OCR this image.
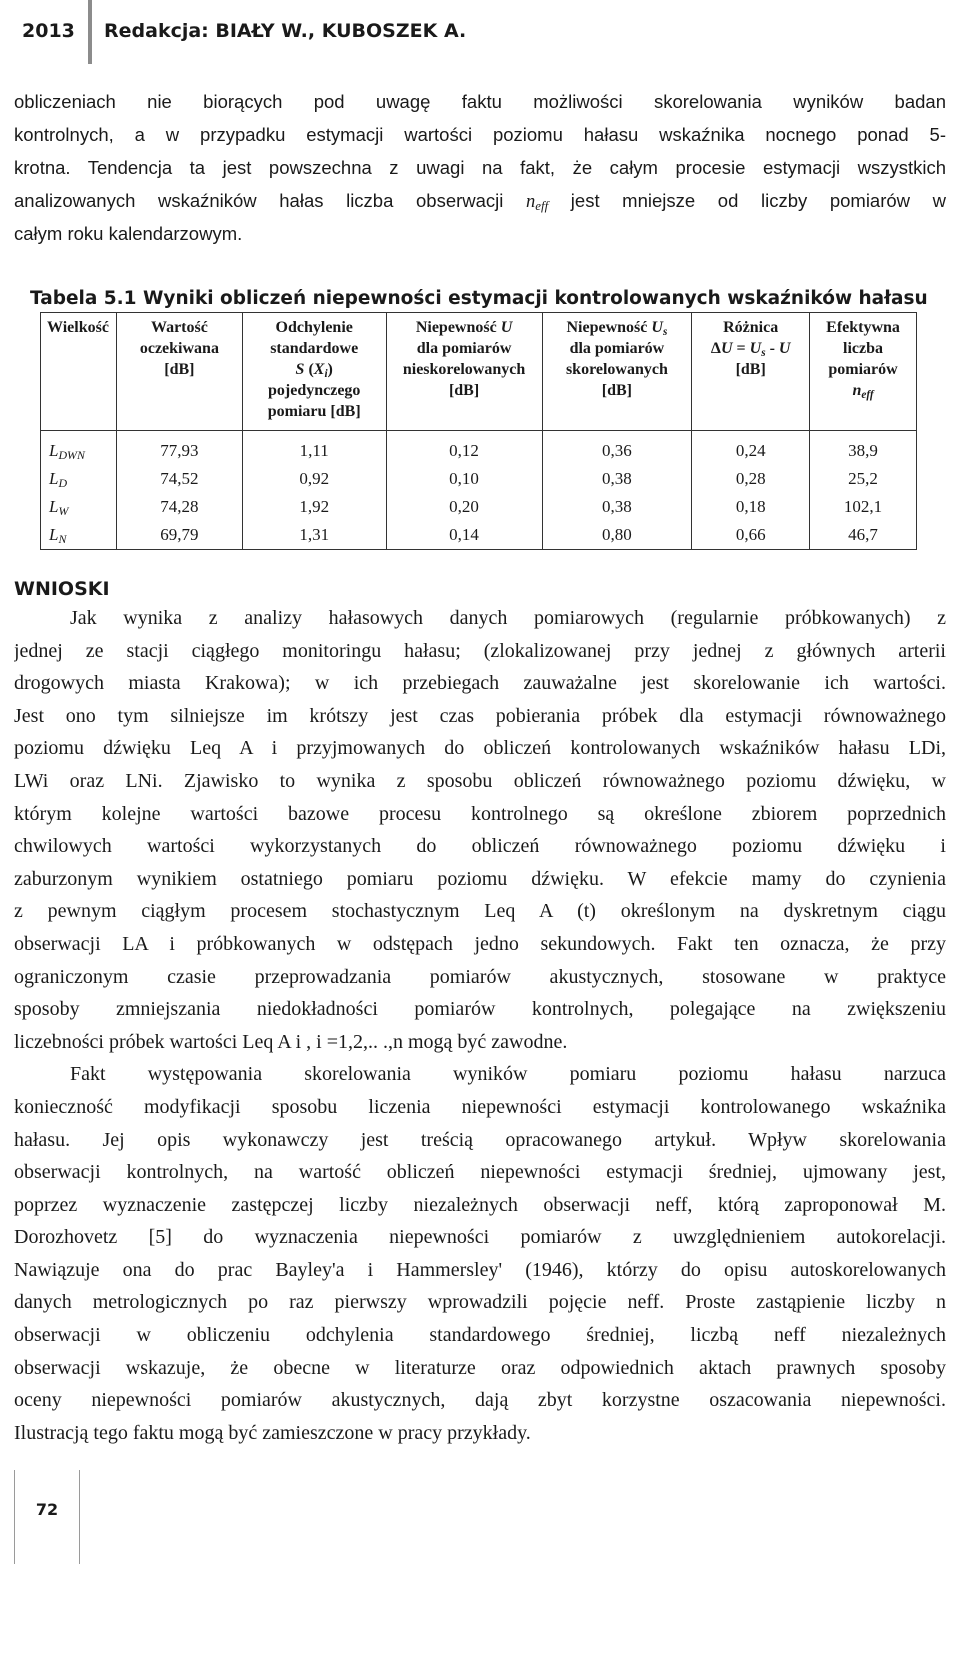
2013 Redakcja: BIAŁY W., KUBOSZEK A.
obliczeniach nie biorących pod uwagę faktu możliwości skorelowania wyników badan
kontrolnych, a w przypadku estymacji wartości poziomu hałasu wskaźnika nocnego ponad 5-
krotna. Tendencja ta jest powszechna z uwagi na fakt, że całym procesie estymacji wszystkich
analizowanych wskaźników hałas liczba obserwacji $n_{eff}$ jest mniejsze od liczby pomiarów w
całym roku kalendarzowym.
Tabela 5.1 Wyniki obliczeń niepewności estymacji kontrolowanych wskaźników hałasu
Wielkość	Wartość
oczekiwana
[dB]	Odchylenie
standardowe
S $(X_i)$
pojedynczego
pomiaru [dB]	Niepewność U
dla pomiarów
nieskorelowanych
[dB]	Niepewność $U_s$
dla pomiarów
skorelowanych
[dB]	Różnica
$\Delta U = U_s - U$
[dB]	Efektywna
liczba
pomiarów
$n_{eff}$
$L_{DWN}$	77,93	1,11	0,12	0,36	0,24	38,9
$L_D$	74,52	0,92	0,10	0,38	0,28	25,2
$L_W$	74,28	1,92	0,20	0,38	0,18	102,1
$L_N$	69,79	1,31	0,14	0,80	0,66	46,7
WNIOSKI
Jak wynika z analizy hałasowych danych pomiarowych (regularnie próbkowanych) z
jednej ze stacji ciągłego monitoringu hałasu; (zlokalizowanej przy jednej z głównych arterii
drogowych miasta Krakowa); w ich przebiegach zauważalne jest skorelowanie ich wartości.
Jest ono tym silniejsze im krótszy jest czas pobierania próbek dla estymacji równoważnego
poziomu dźwięku Leq A i przyjmowanych do obliczeń kontrolowanych wskaźników hałasu LDi,
LWi oraz LNi. Zjawisko to wynika z sposobu obliczeń równoważnego poziomu dźwięku, w
którym kolejne wartości bazowe procesu kontrolnego są określone zbiorem poprzednich
chwilowych wartości wykorzystanych do obliczeń równoważnego poziomu dźwięku i
zaburzonym wynikiem ostatniego pomiaru poziomu dźwięku. W efekcie mamy do czynienia
z pewnym ciągłym procesem stochastycznym Leq A (t) określonym na dyskretnym ciągu
obserwacji LA i próbkowanych w odstępach jedno sekundowych. Fakt ten oznacza, że przy
ograniczonym czasie przeprowadzania pomiarów akustycznych, stosowane w praktyce
sposoby zmniejszania niedokładności pomiarów kontrolnych, polegające na zwiększeniu
liczebności próbek wartości Leq A i , i =1,2,.. .,n mogą być zawodne.
Fakt występowania skorelowania wyników pomiaru poziomu hałasu narzuca
konieczność modyfikacji sposobu liczenia niepewności estymacji kontrolowanego wskaźnika
hałasu. Jej opis wykonawczy jest treścią opracowanego artykuł. Wpływ skorelowania
obserwacji kontrolnych, na wartość obliczeń niepewności estymacji średniej, ujmowany jest,
poprzez wyznaczenie zastępczej liczby niezależnych obserwacji neff, którą zaproponował M.
Dorozhovetz [5] do wyznaczenia niepewności pomiarów z uwzględnieniem autokorelacji.
Nawiązuje ona do prac Bayley'a i Hammersley' (1946), którzy do opisu autoskorelowanych
danych metrologicznych po raz pierwszy wprowadzili pojęcie neff. Proste zastąpienie liczby n
obserwacji w obliczeniu odchylenia standardowego średniej, liczbą neff niezależnych
obserwacji wskazuje, że obecne w literaturze oraz odpowiednich aktach prawnych sposoby
oceny niepewności pomiarów akustycznych, dają zbyt korzystne oszacowania niepewności.
Ilustracją tego faktu mogą być zamieszczone w pracy przykłady.
72
